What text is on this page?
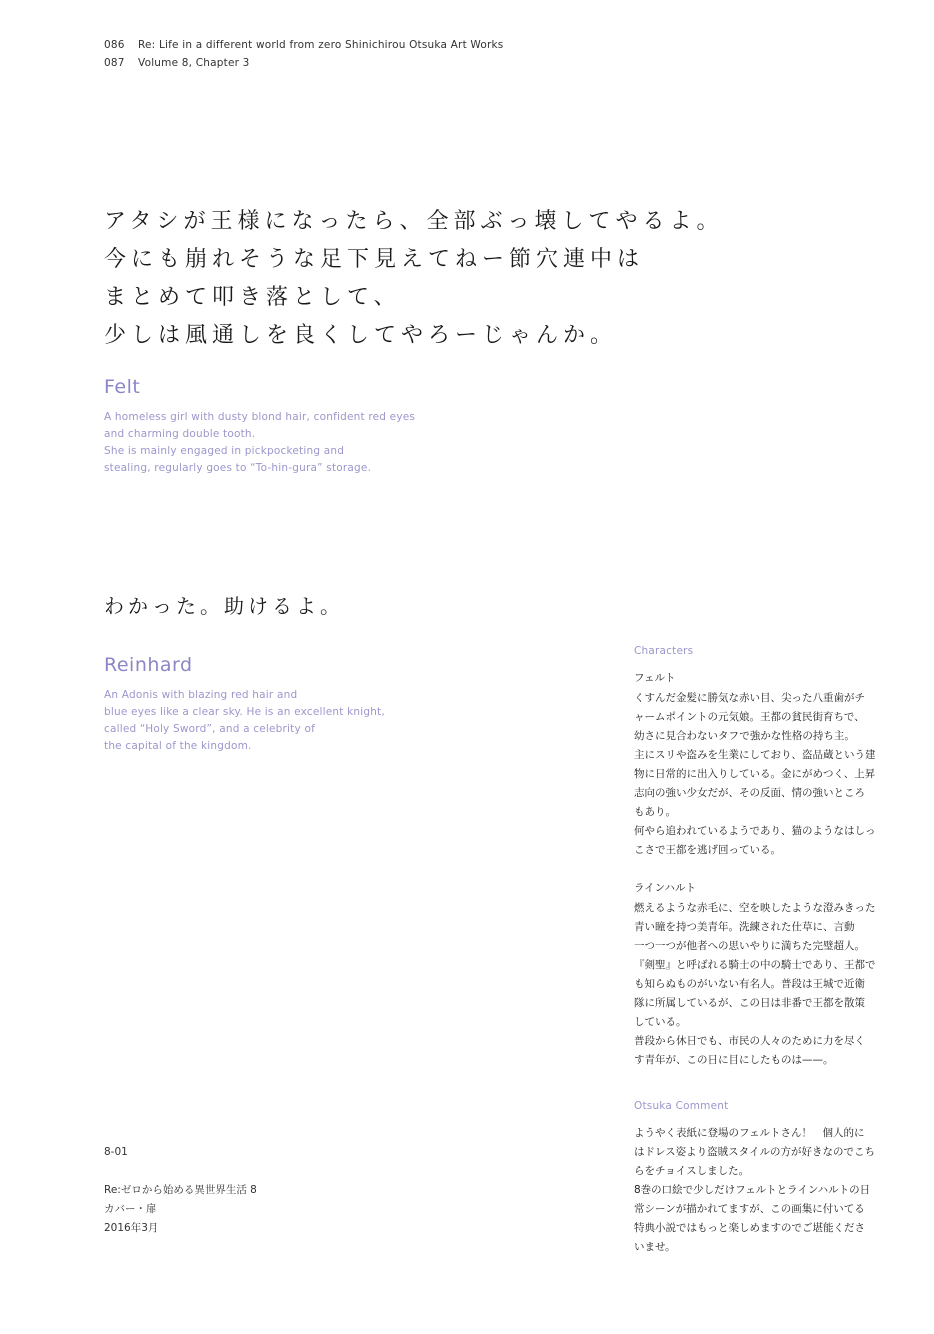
086 Re: Life in a different world from zero Shinichirou Otsuka Art Works
087 Volume 8, Chapter 3
アタシが王様になったら、全部ぶっ壊してやるよ。
今にも崩れそうな足下見えてねー節穴連中は
まとめて叩き落として、
少しは風通しを良くしてやろーじゃんか。
Felt
A homeless girl with dusty blond hair, confident red eyes
and charming double tooth.
She is mainly engaged in pickpocketing and
stealing, regularly goes to “To-hin-gura” storage.
わかった。助けるよ。
Reinhard
An Adonis with blazing red hair and
blue eyes like a clear sky. He is an excellent knight,
called “Holy Sword”, and a celebrity of
the capital of the kingdom.
Characters
フェルト

くすんだ金髪に勝気な赤い目、尖った八重歯がチ

ャームポイントの元気娘。王都の貧民街育ちで、

幼さに見合わないタフで強かな性格の持ち主。

主にスリや盗みを生業にしており、盗品蔵という建

物に日常的に出入りしている。金にがめつく、上昇

志向の強い少女だが、その反面、情の強いところ

もあり。

何やら追われているようであり、猫のようなはしっ

こさで王都を逃げ回っている。

ラインハルト

燃えるような赤毛に、空を映したような澄みきった

青い瞳を持つ美青年。洗練された仕草に、言動

一つ一つが他者への思いやりに満ちた完璧超人。

『剣聖』と呼ばれる騎士の中の騎士であり、王都で

も知らぬものがいない有名人。普段は王城で近衛

隊に所属しているが、この日は非番で王都を散策

している。

普段から休日でも、市民の人々のために力を尽く

す青年が、この日に目にしたものは——。

Otsuka Comment

ようやく表紙に登場のフェルトさん！　個人的に

はドレス姿より盗賊スタイルの方が好きなのでこち

らをチョイスしました。

8巻の口絵で少しだけフェルトとラインハルトの日

常シーンが描かれてますが、この画集に付いてる

特典小説ではもっと楽しめますのでご堪能くださ

いませ。

8-01
Re:ゼロから始める異世界生活 8
カバー・扉
2016年3月
